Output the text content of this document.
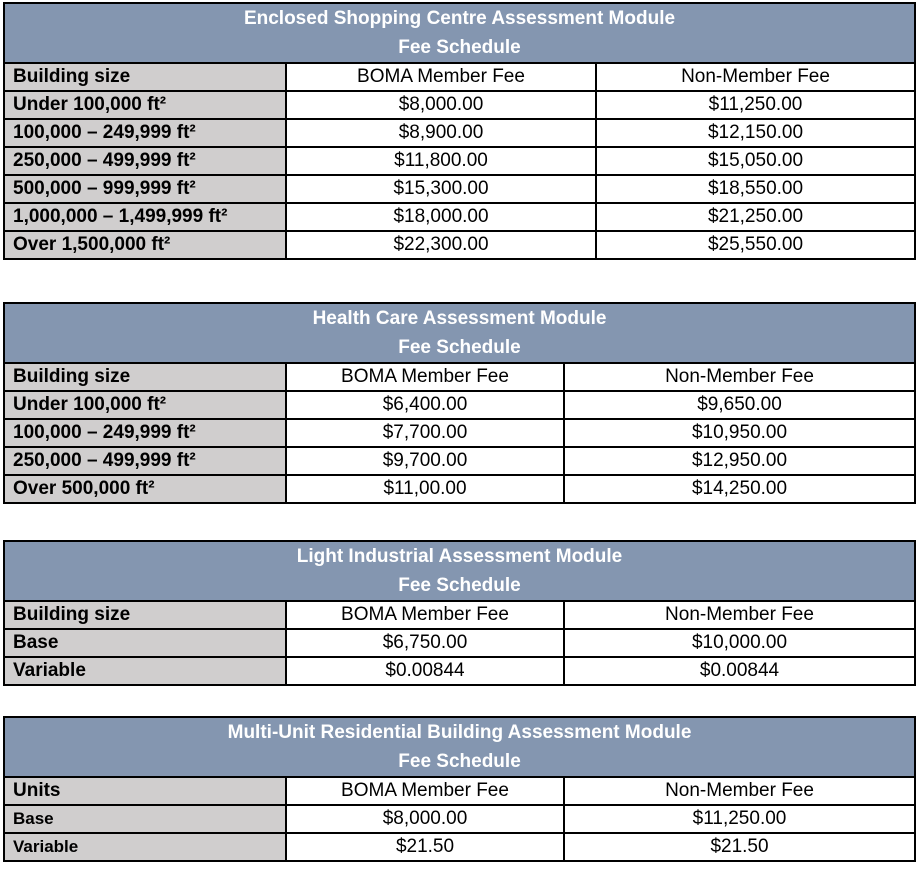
Enclosed Shopping Centre Assessment Module
Fee Schedule		

Building size	BOMA Member Fee	Non-Member Fee
Under 100,000 ft²	$8,000.00	$11,250.00
100,000 – 249,999 ft²	$8,900.00	$12,150.00
250,000 – 499,999 ft²	$11,800.00	$15,050.00
500,000 – 999,999 ft²	$15,300.00	$18,550.00
1,000,000 – 1,499,999 ft²	$18,000.00	$21,250.00
Over 1,500,000 ft²	$22,300.00	$25,550.00
Health Care Assessment Module
Fee Schedule		

Building size	BOMA Member Fee	Non-Member Fee
Under 100,000 ft²	$6,400.00	$9,650.00
100,000 – 249,999 ft²	$7,700.00	$10,950.00
250,000 – 499,999 ft²	$9,700.00	$12,950.00
Over 500,000 ft²	$11,00.00	$14,250.00
Light Industrial Assessment Module
Fee Schedule		

Building size	BOMA Member Fee	Non-Member Fee
Base	$6,750.00	$10,000.00
Variable	$0.00844	$0.00844
Multi-Unit Residential Building Assessment Module
Fee Schedule		

Units	BOMA Member Fee	Non-Member Fee
Base	$8,000.00	$11,250.00
Variable	$21.50	$21.50
